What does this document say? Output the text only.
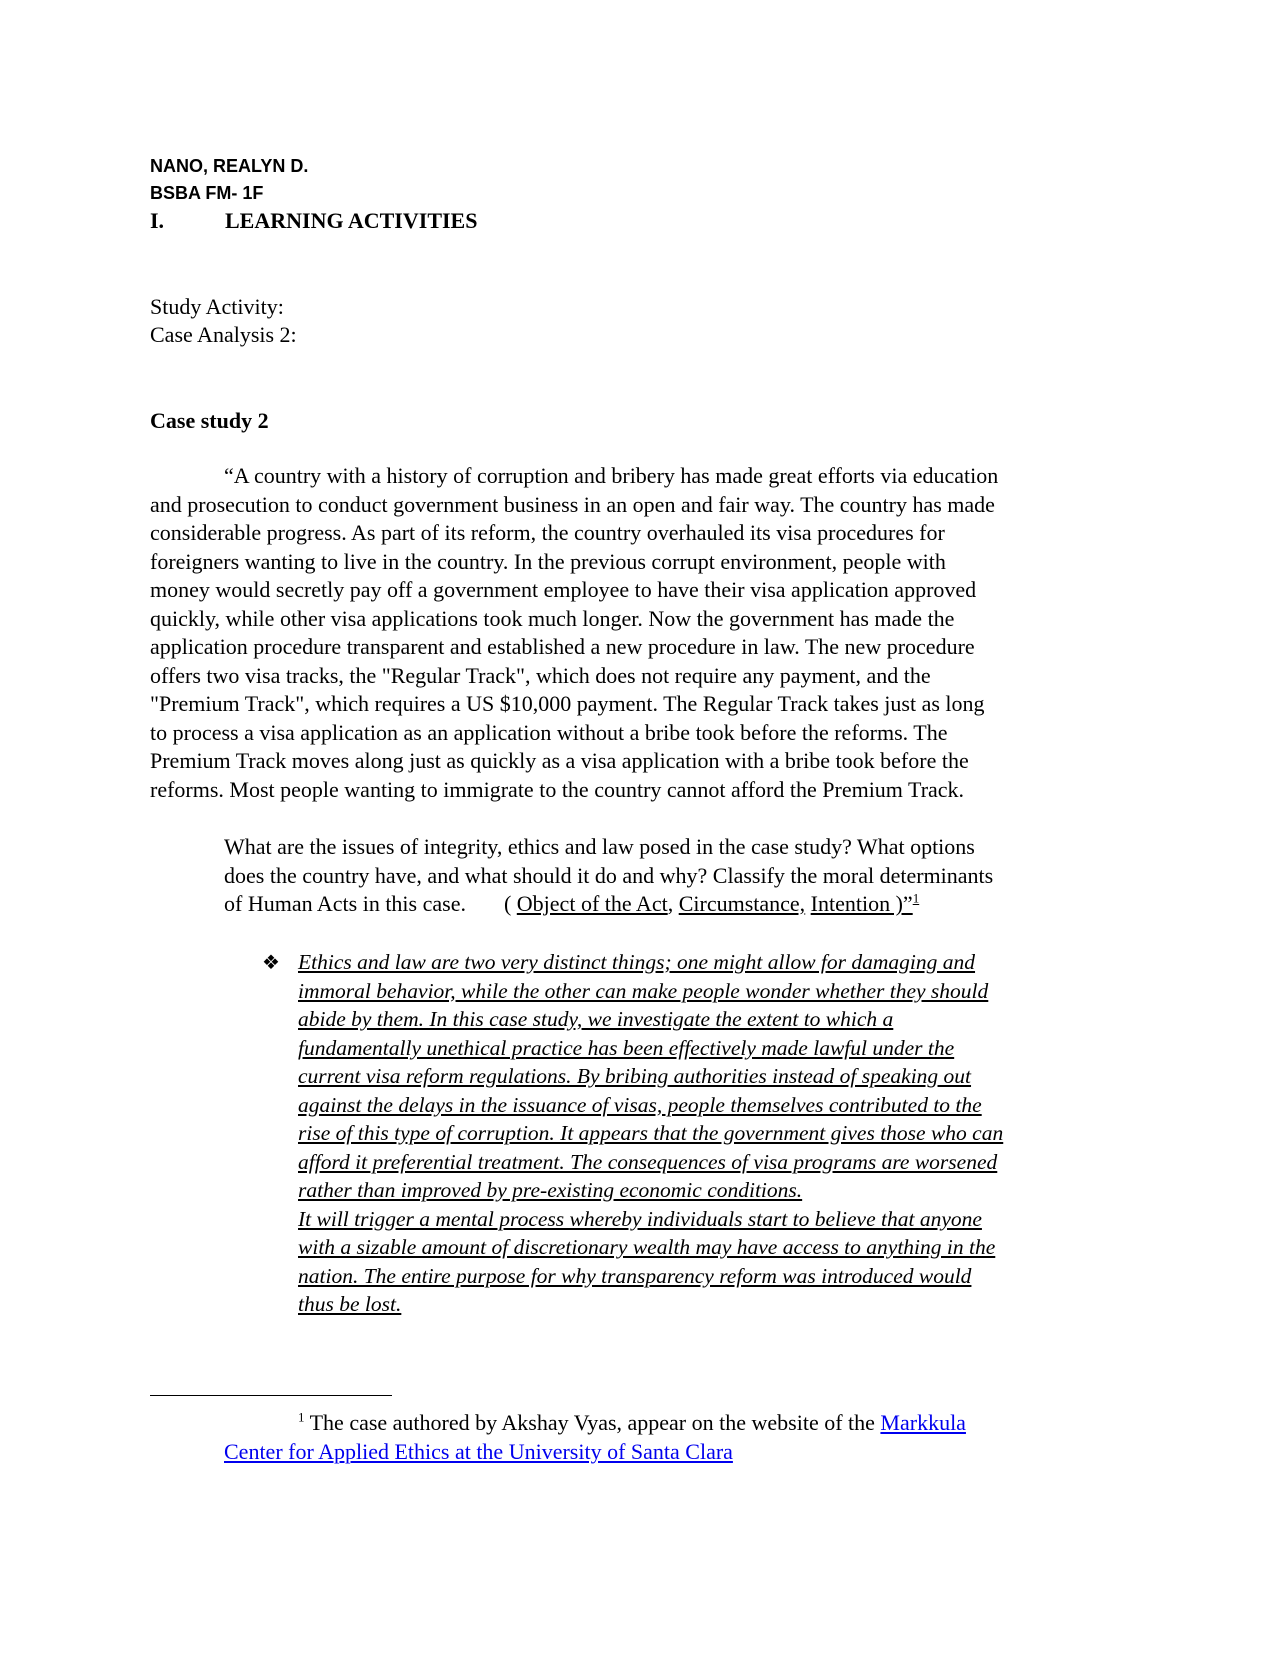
NANO, REALYN D.
BSBA FM- 1F
I.	LEARNING ACTIVITIES
Study Activity:
Case Analysis 2:
Case study 2
“A country with a history of corruption and bribery has made great efforts via education
and prosecution to conduct government business in an open and fair way. The country has made
considerable progress. As part of its reform, the country overhauled its visa procedures for
foreigners wanting to live in the country. In the previous corrupt environment, people with
money would secretly pay off a government employee to have their visa application approved
quickly, while other visa applications took much longer. Now the government has made the
application procedure transparent and established a new procedure in law. The new procedure
offers two visa tracks, the "Regular Track", which does not require any payment, and the
"Premium Track", which requires a US $10,000 payment. The Regular Track takes just as long
to process a visa application as an application without a bribe took before the reforms. The
Premium Track moves along just as quickly as a visa application with a bribe took before the
reforms. Most people wanting to immigrate to the country cannot afford the Premium Track.
What are the issues of integrity, ethics and law posed in the case study? What options
does the country have, and what should it do and why? Classify the moral determinants
of Human Acts in this case. ( Object of the Act, Circumstance, Intention )”$^1$
❖ Ethics and law are two very distinct things; one might allow for damaging and
immoral behavior, while the other can make people wonder whether they should
abide by them. In this case study, we investigate the extent to which a
fundamentally unethical practice has been effectively made lawful under the
current visa reform regulations. By bribing authorities instead of speaking out
against the delays in the issuance of visas, people themselves contributed to the
rise of this type of corruption. It appears that the government gives those who can
afford it preferential treatment. The consequences of visa programs are worsened
rather than improved by pre-existing economic conditions.
It will trigger a mental process whereby individuals start to believe that anyone
with a sizable amount of discretionary wealth may have access to anything in the
nation. The entire purpose for why transparency reform was introduced would
thus be lost.
$^1$ The case authored by Akshay Vyas, appear on the website of the Markkula
Center for Applied Ethics at the University of Santa Clara
